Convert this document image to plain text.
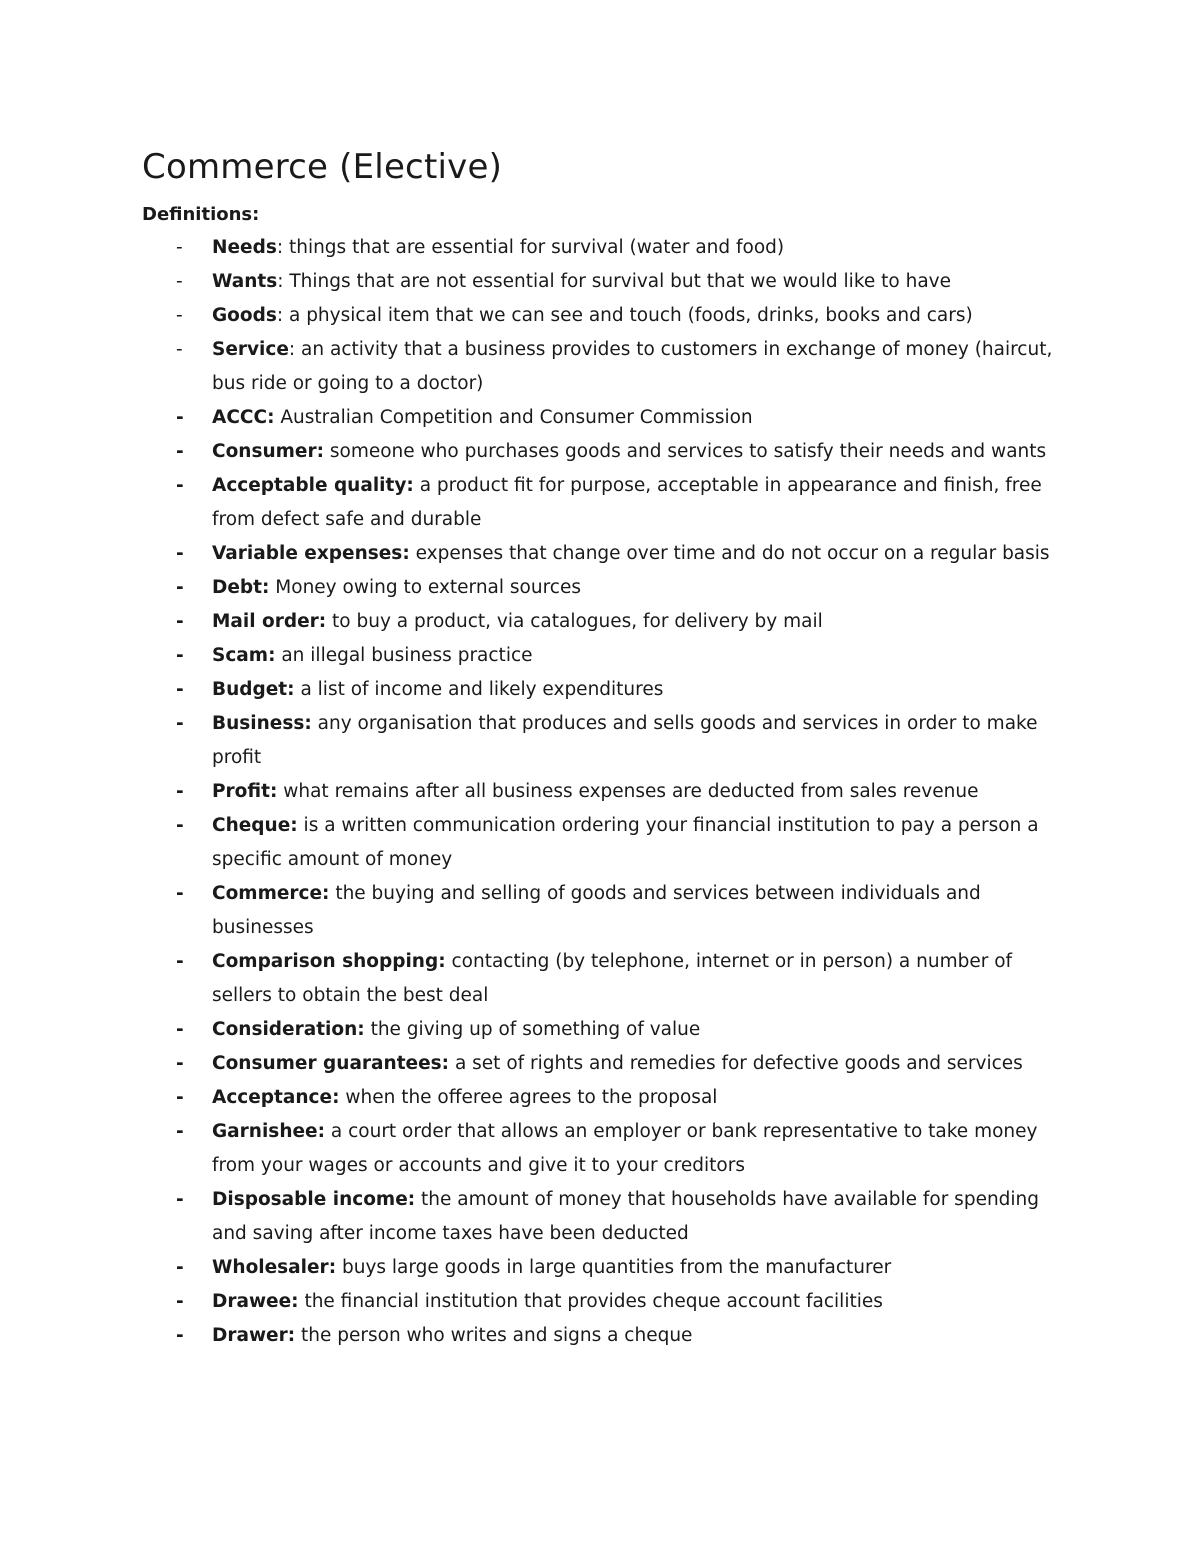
Commerce (Elective)
Definitions:
- Needs: things that are essential for survival (water and food)
- Wants: Things that are not essential for survival but that we would like to have
- Goods: a physical item that we can see and touch (foods, drinks, books and cars)
- Service: an activity that a business provides to customers in exchange of money (haircut, bus ride or going to a doctor)
- ACCC: Australian Competition and Consumer Commission
- Consumer: someone who purchases goods and services to satisfy their needs and wants
- Acceptable quality: a product fit for purpose, acceptable in appearance and finish, free from defect safe and durable
- Variable expenses: expenses that change over time and do not occur on a regular basis
- Debt: Money owing to external sources
- Mail order: to buy a product, via catalogues, for delivery by mail
- Scam: an illegal business practice
- Budget: a list of income and likely expenditures
- Business: any organisation that produces and sells goods and services in order to make profit
- Profit: what remains after all business expenses are deducted from sales revenue
- Cheque: is a written communication ordering your financial institution to pay a person a specific amount of money
- Commerce: the buying and selling of goods and services between individuals and businesses
- Comparison shopping: contacting (by telephone, internet or in person) a number of sellers to obtain the best deal
- Consideration: the giving up of something of value
- Consumer guarantees: a set of rights and remedies for defective goods and services
- Acceptance: when the offeree agrees to the proposal
- Garnishee: a court order that allows an employer or bank representative to take money from your wages or accounts and give it to your creditors
- Disposable income: the amount of money that households have available for spending and saving after income taxes have been deducted
- Wholesaler: buys large goods in large quantities from the manufacturer
- Drawee: the financial institution that provides cheque account facilities
- Drawer: the person who writes and signs a cheque
